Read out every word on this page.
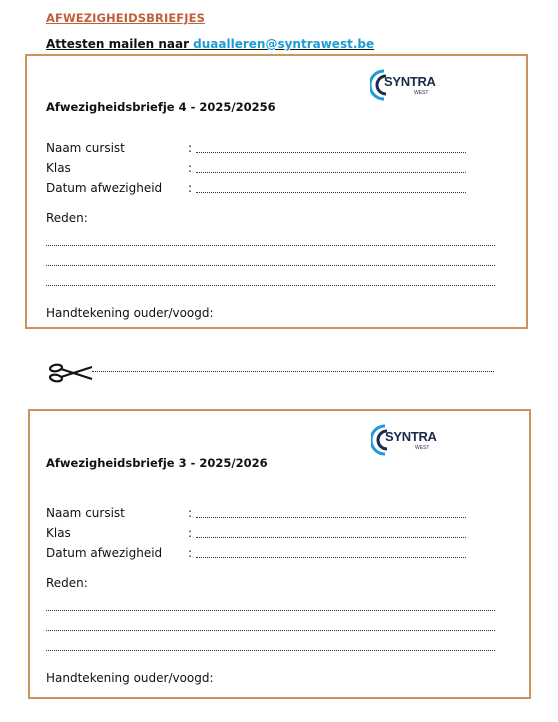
AFWEZIGHEIDSBRIEFJES
Attesten mailen naar duaalleren@syntrawest.be
SYNTRA
WEST
Afwezigheidsbriefje 4 - 2025/20256
Naam cursist	:
Klas	:
Datum afwezigheid :
Reden:
Handtekening ouder/voogd:
SYNTRA
WEST
Afwezigheidsbriefje 3 - 2025/2026
Naam cursist	:
Klas	:
Datum afwezigheid :
Reden:
Handtekening ouder/voogd:
